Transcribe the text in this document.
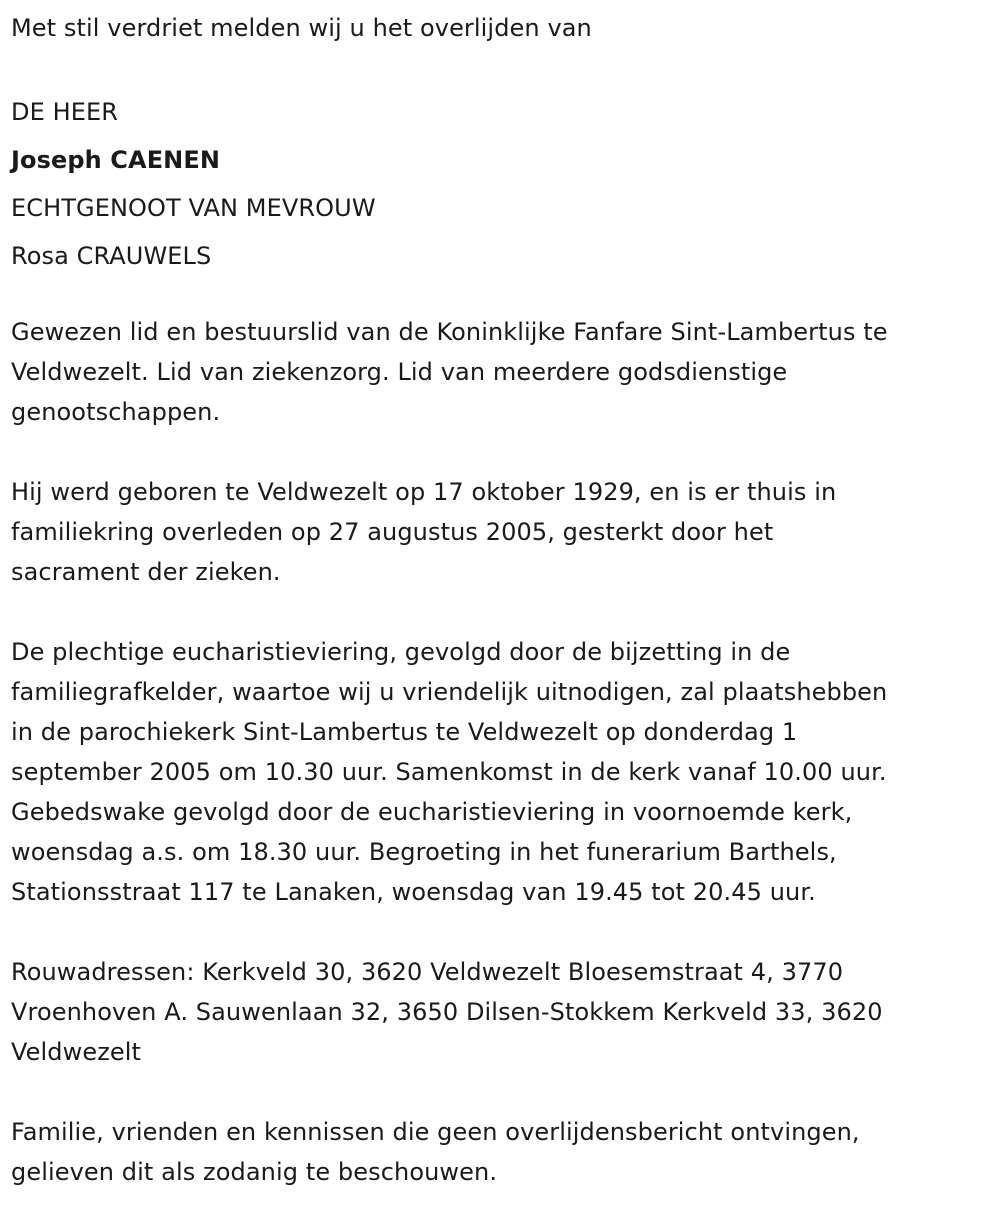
Met stil verdriet melden wij u het overlijden van

DE HEER

Joseph CAENEN

ECHTGENOOT VAN MEVROUW

Rosa CRAUWELS

Gewezen lid en bestuurslid van de Koninklijke Fanfare Sint-Lambertus te

Veldwezelt. Lid van ziekenzorg. Lid van meerdere godsdienstige

genootschappen.

Hij werd geboren te Veldwezelt op 17 oktober 1929, en is er thuis in

familiekring overleden op 27 augustus 2005, gesterkt door het

sacrament der zieken.

De plechtige eucharistieviering, gevolgd door de bijzetting in de

familiegrafkelder, waartoe wij u vriendelijk uitnodigen, zal plaatshebben

in de parochiekerk Sint-Lambertus te Veldwezelt op donderdag 1

september 2005 om 10.30 uur. Samenkomst in de kerk vanaf 10.00 uur.

Gebedswake gevolgd door de eucharistieviering in voornoemde kerk,

woensdag a.s. om 18.30 uur. Begroeting in het funerarium Barthels,

Stationsstraat 117 te Lanaken, woensdag van 19.45 tot 20.45 uur.

Rouwadressen: Kerkveld 30, 3620 Veldwezelt Bloesemstraat 4, 3770

Vroenhoven A. Sauwenlaan 32, 3650 Dilsen-Stokkem Kerkveld 33, 3620

Veldwezelt

Familie, vrienden en kennissen die geen overlijdensbericht ontvingen,

gelieven dit als zodanig te beschouwen.
